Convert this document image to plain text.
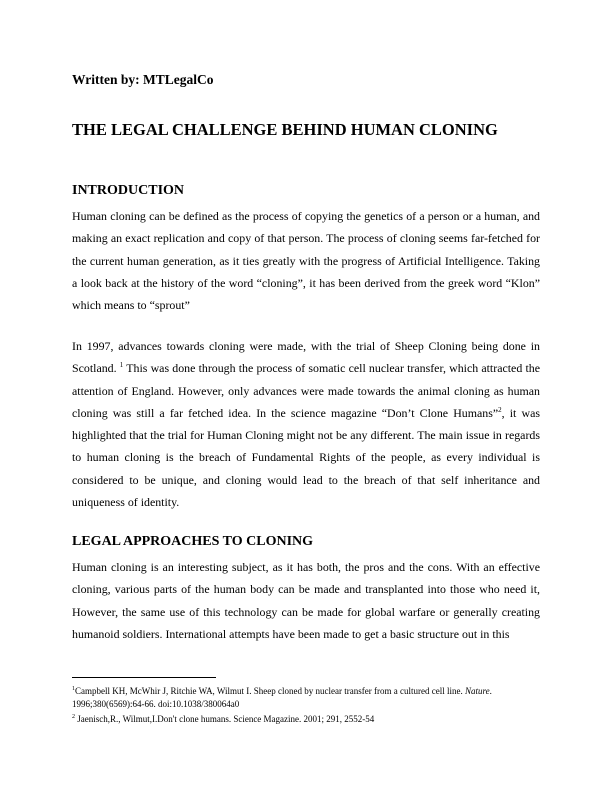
Written by: MTLegalCo
THE LEGAL CHALLENGE BEHIND HUMAN CLONING
INTRODUCTION
Human cloning can be defined as the process of copying the genetics of a person or a human, and making an exact replication and copy of that person. The process of cloning seems far-fetched for the current human generation, as it ties greatly with the progress of Artificial Intelligence. Taking a look back at the history of the word “cloning”, it has been derived from the greek word “Klon” which means to “sprout”
In 1997, advances towards cloning were made, with the trial of Sheep Cloning being done in Scotland. $^1$ This was done through the process of somatic cell nuclear transfer, which attracted the attention of England. However, only advances were made towards the animal cloning as human cloning was still a far fetched idea. In the science magazine “Don’t Clone Humans”$^2$, it was highlighted that the trial for Human Cloning might not be any different. The main issue in regards to human cloning is the breach of Fundamental Rights of the people, as every individual is considered to be unique, and cloning would lead to the breach of that self inheritance and uniqueness of identity.
LEGAL APPROACHES TO CLONING
Human cloning is an interesting subject, as it has both, the pros and the cons. With an effective cloning, various parts of the human body can be made and transplanted into those who need it, However, the same use of this technology can be made for global warfare or generally creating humanoid soldiers. International attempts have been made to get a basic structure out in this

$^1$Campbell KH, McWhir J, Ritchie WA, Wilmut I. Sheep cloned by nuclear transfer from a cultured cell line. Nature. 1996;380(6569):64-66. doi:10.1038/380064a0

$^2$ Jaenisch,R., Wilmut,I.Don't clone humans. Science Magazine. 2001; 291, 2552-54
